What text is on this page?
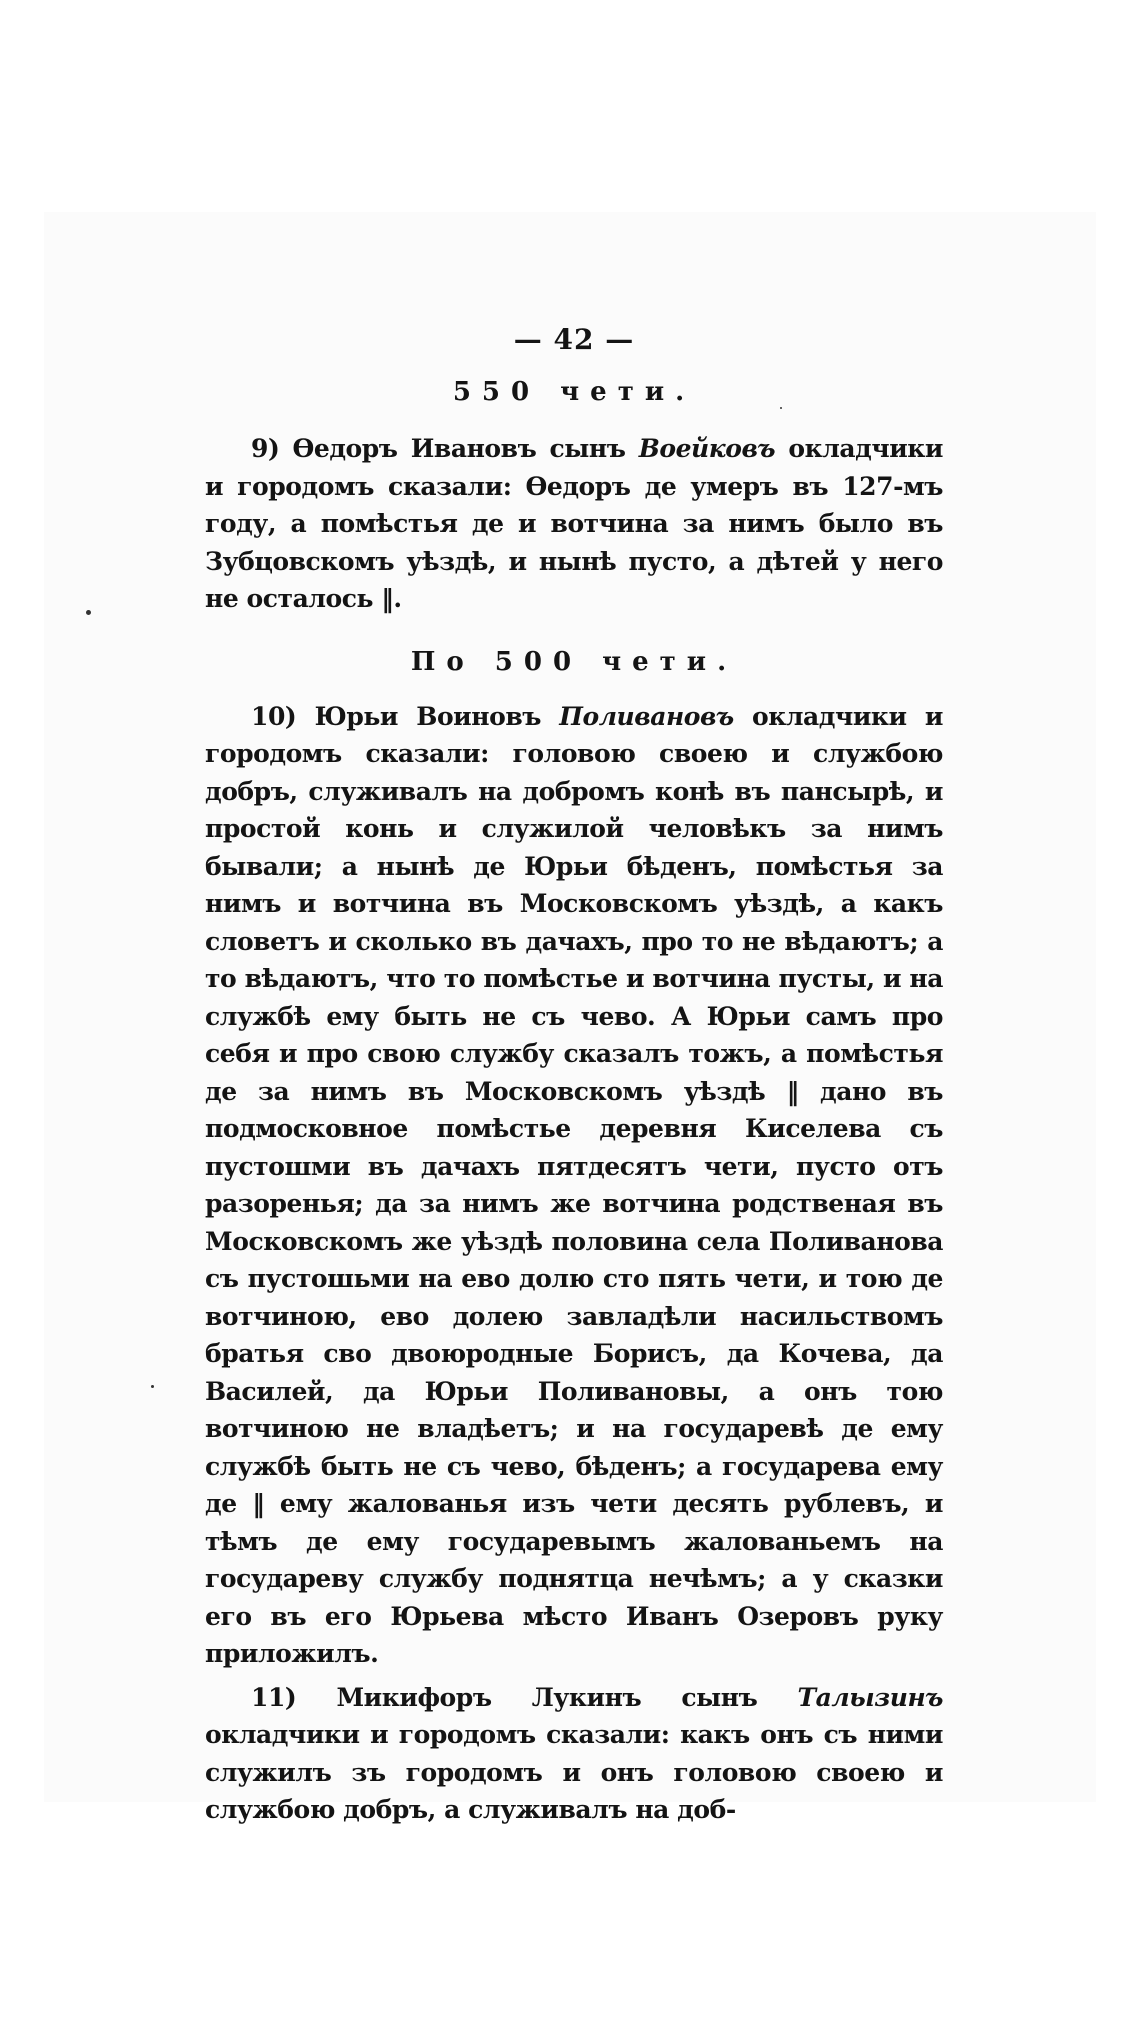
— 42 —
550 чети.

9) Өедоръ Ивановъ сынъ Воейковъ окладчики и городомъ сказали: Өедоръ де умеръ въ 127-мъ году, а помѣстья де и вотчина за нимъ было въ Зубцовскомъ уѣздѣ, и нынѣ пусто, а дѣтей у него не осталось ‖.

По 500 чети.

10) Юрьи Воиновъ Поливановъ окладчики и городомъ сказали: головою своею и службою добръ, служивалъ на добромъ конѣ въ пансырѣ, и простой конь и служилой человѣкъ за нимъ бывали; а нынѣ де Юрьи бѣденъ, помѣстья за нимъ и вотчина въ Московскомъ уѣздѣ, а какъ словетъ и сколько въ дачахъ, про то не вѣдаютъ; а то вѣдаютъ, что то помѣстье и вотчина пусты, и на службѣ ему быть не съ чево. А Юрьи самъ про себя и про свою службу сказалъ тожъ, а помѣстья де за нимъ въ Московскомъ уѣздѣ ‖ дано въ подмосковное помѣстье деревня Киселева съ пустошми въ дачахъ пятдесятъ чети, пусто отъ разоренья; да за нимъ же вотчина родственая въ Московскомъ же уѣздѣ половина села Поливанова съ пустошьми на ево долю сто пять чети, и тою де вотчиною, ево долею завладѣли насильствомъ братья сво двоюродные Борисъ, да Кочева, да Василей, да Юрьи Поливановы, а онъ тою вотчиною не владѣетъ; и на государевѣ де ему службѣ быть не съ чево, бѣденъ; а государева ему де ‖ ему жалованья изъ чети десять рублевъ, и тѣмъ де ему государевымъ жалованьемъ на государеву службу поднятца нечѣмъ; а у сказки его въ его Юрьева мѣсто Иванъ Озеровъ руку приложилъ.

11) Микифоръ Лукинъ сынъ Талызинъ окладчики и городомъ сказали: какъ онъ съ ними служилъ зъ городомъ и онъ головою своею и службою добръ, а служивалъ на доб-
